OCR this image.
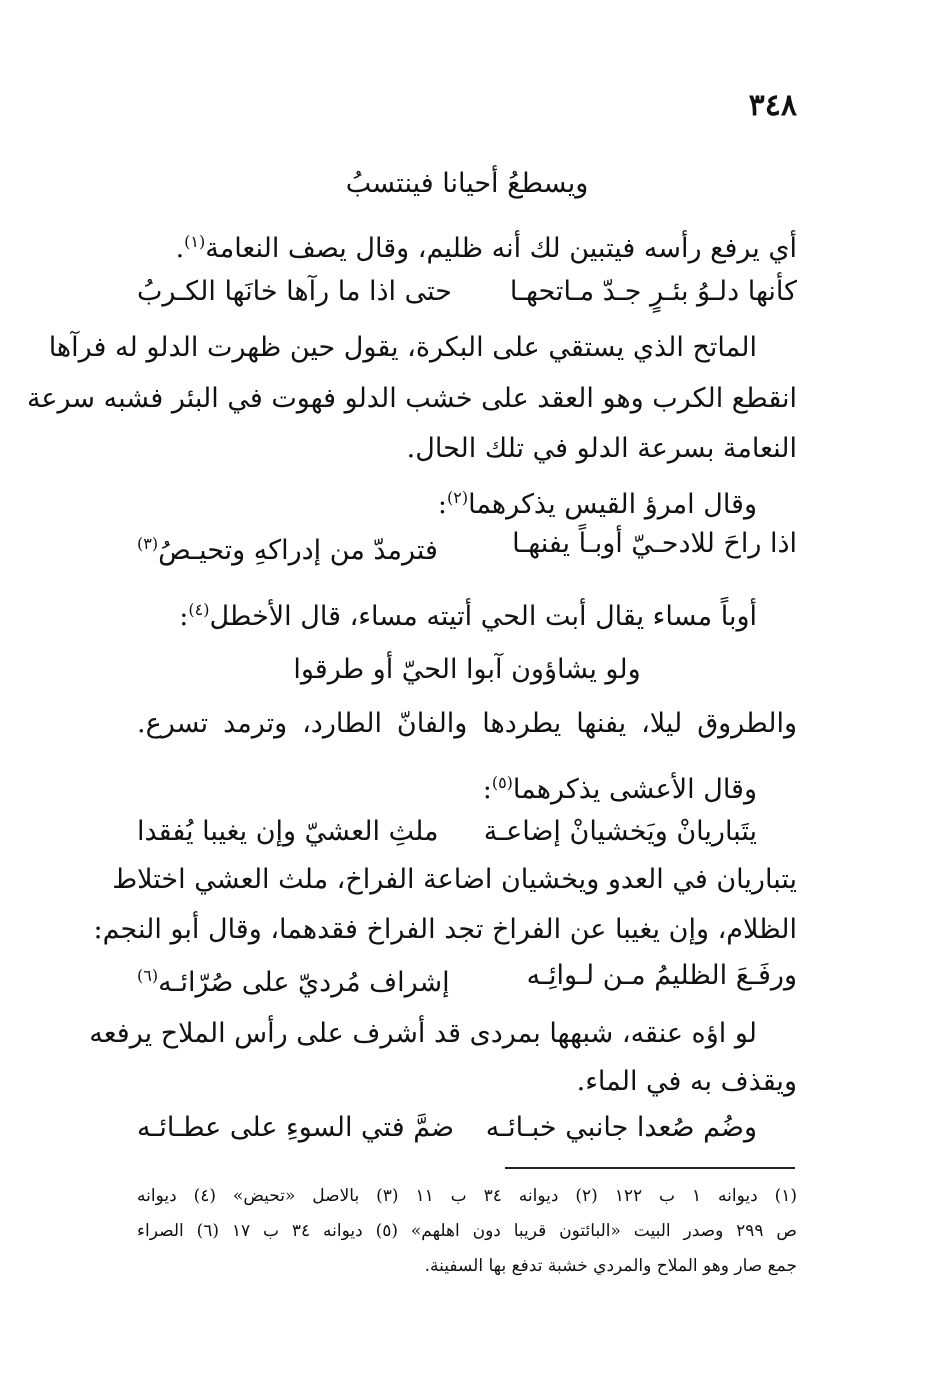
٣٤٨
ويسطعُ أحيانا فينتسبُ
أي يرفع رأسه فيتبين لك أنه ظليم، وقال يصف النعامة$^{(١)}$.
كأنها دلـوُ بئـرٍ جـدّ مـاتحهـا
حتى اذا ما رآها خانَها الكـربُ
الماتح الذي يستقي على البكرة، يقول حين ظهرت الدلو له فرآها
انقطع الكرب وهو العقد على خشب الدلو فهوت في البئر فشبه سرعة
النعامة بسرعة الدلو في تلك الحال.
وقال امرؤ القيس يذكرهما$^{(٢)}$:
اذا راحَ للادحـيّ أوبـاً يفنهـا
فترمدّ من إدراكهِ وتحيـصُ$^{(٣)}$
أوباً مساء يقال أبت الحي أتيته مساء، قال الأخطل$^{(٤)}$:
ولو يشاؤون آبوا الحيّ أو طرقوا
والطروق ليلا، يفنها يطردها والفانّ الطارد، وترمد تسرع.
وقال الأعشى يذكرهما$^{(٥)}$:
يتَباريانْ ويَخشيانْ إضاعـة
ملثِ العشيّ وإن يغيبا يُفقدا
يتباريان في العدو ويخشيان اضاعة الفراخ، ملث العشي اختلاط
الظلام، وإن يغيبا عن الفراخ تجد الفراخ فقدهما، وقال أبو النجم:
ورفَـعَ الظليمُ مـن لـوائِـه
إشراف مُرديّ على صُرّائـه$^{(٦)}$
لو اؤه عنقه، شبهها بمردى قد أشرف على رأس الملاح يرفعه
ويقذف به في الماء.
وضُم صُعدا جانبي خبـائـه
ضمَّ فتي السوءِ على عطـائـه
(١) ديوانه ١ ب ١٢٢ (٢) ديوانه ٣٤ ب ١١ (٣) بالاصل «تحيض» (٤) ديوانه
ص ٢٩٩ وصدر البيت «البائتون قريبا دون اهلهم» (٥) ديوانه ٣٤ ب ١٧ (٦) الصراء
جمع صار وهو الملاح والمردي خشبة تدفع بها السفينة.
